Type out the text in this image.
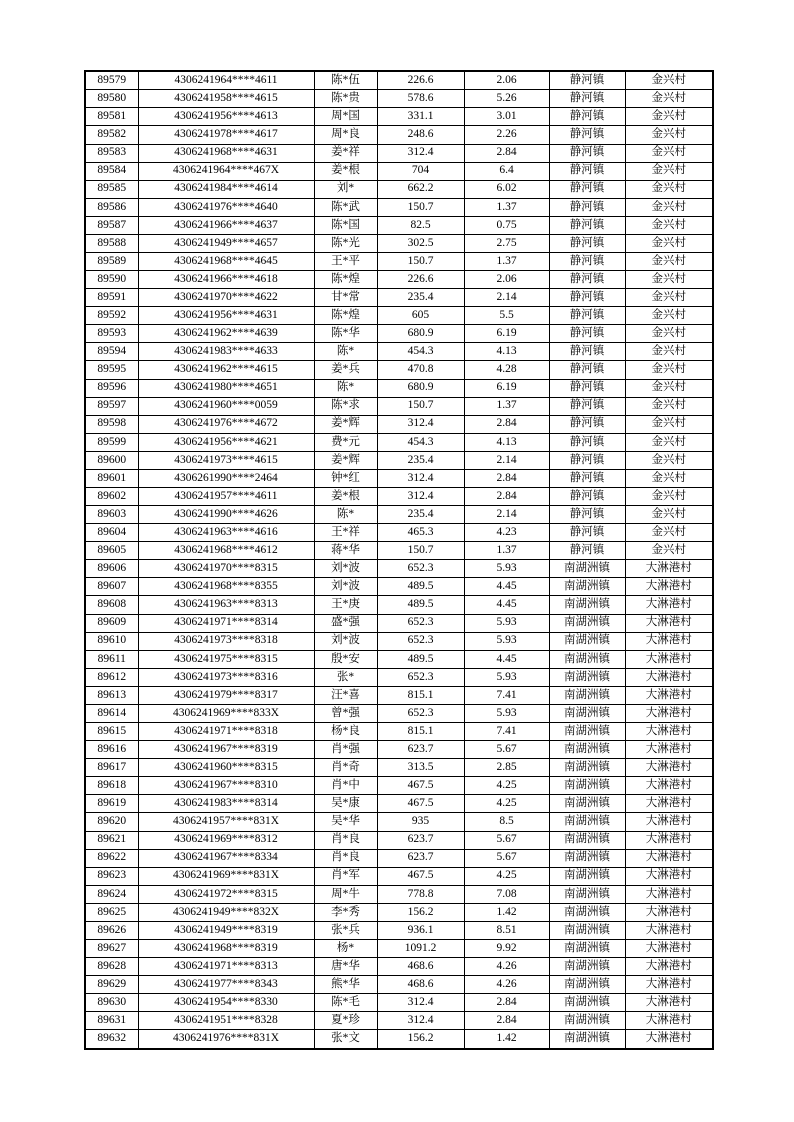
89579	4306241964****4611	陈*伍	226.6	2.06	静河镇	金兴村
89580	4306241958****4615	陈*贵	578.6	5.26	静河镇	金兴村
89581	4306241956****4613	周*国	331.1	3.01	静河镇	金兴村
89582	4306241978****4617	周*良	248.6	2.26	静河镇	金兴村
89583	4306241968****4631	姜*祥	312.4	2.84	静河镇	金兴村
89584	4306241964****467X	姜*根	704	6.4	静河镇	金兴村
89585	4306241984****4614	刘*	662.2	6.02	静河镇	金兴村
89586	4306241976****4640	陈*武	150.7	1.37	静河镇	金兴村
89587	4306241966****4637	陈*国	82.5	0.75	静河镇	金兴村
89588	4306241949****4657	陈*光	302.5	2.75	静河镇	金兴村
89589	4306241968****4645	王*平	150.7	1.37	静河镇	金兴村
89590	4306241966****4618	陈*煌	226.6	2.06	静河镇	金兴村
89591	4306241970****4622	甘*常	235.4	2.14	静河镇	金兴村
89592	4306241956****4631	陈*煌	605	5.5	静河镇	金兴村
89593	4306241962****4639	陈*华	680.9	6.19	静河镇	金兴村
89594	4306241983****4633	陈*	454.3	4.13	静河镇	金兴村
89595	4306241962****4615	姜*兵	470.8	4.28	静河镇	金兴村
89596	4306241980****4651	陈*	680.9	6.19	静河镇	金兴村
89597	4306241960****0059	陈*求	150.7	1.37	静河镇	金兴村
89598	4306241976****4672	姜*辉	312.4	2.84	静河镇	金兴村
89599	4306241956****4621	费*元	454.3	4.13	静河镇	金兴村
89600	4306241973****4615	姜*辉	235.4	2.14	静河镇	金兴村
89601	4306261990****2464	钟*红	312.4	2.84	静河镇	金兴村
89602	4306241957****4611	姜*根	312.4	2.84	静河镇	金兴村
89603	4306241990****4626	陈*	235.4	2.14	静河镇	金兴村
89604	4306241963****4616	王*祥	465.3	4.23	静河镇	金兴村
89605	4306241968****4612	蒋*华	150.7	1.37	静河镇	金兴村
89606	4306241970****8315	刘*波	652.3	5.93	南湖洲镇	大淋港村
89607	4306241968****8355	刘*波	489.5	4.45	南湖洲镇	大淋港村
89608	4306241963****8313	王*庚	489.5	4.45	南湖洲镇	大淋港村
89609	4306241971****8314	盛*强	652.3	5.93	南湖洲镇	大淋港村
89610	4306241973****8318	刘*波	652.3	5.93	南湖洲镇	大淋港村
89611	4306241975****8315	殷*安	489.5	4.45	南湖洲镇	大淋港村
89612	4306241973****8316	张*	652.3	5.93	南湖洲镇	大淋港村
89613	4306241979****8317	汪*喜	815.1	7.41	南湖洲镇	大淋港村
89614	4306241969****833X	曾*强	652.3	5.93	南湖洲镇	大淋港村
89615	4306241971****8318	杨*良	815.1	7.41	南湖洲镇	大淋港村
89616	4306241967****8319	肖*强	623.7	5.67	南湖洲镇	大淋港村
89617	4306241960****8315	肖*奇	313.5	2.85	南湖洲镇	大淋港村
89618	4306241967****8310	肖*中	467.5	4.25	南湖洲镇	大淋港村
89619	4306241983****8314	吴*康	467.5	4.25	南湖洲镇	大淋港村
89620	4306241957****831X	吴*华	935	8.5	南湖洲镇	大淋港村
89621	4306241969****8312	肖*良	623.7	5.67	南湖洲镇	大淋港村
89622	4306241967****8334	肖*良	623.7	5.67	南湖洲镇	大淋港村
89623	4306241969****831X	肖*军	467.5	4.25	南湖洲镇	大淋港村
89624	4306241972****8315	周*牛	778.8	7.08	南湖洲镇	大淋港村
89625	4306241949****832X	李*秀	156.2	1.42	南湖洲镇	大淋港村
89626	4306241949****8319	张*兵	936.1	8.51	南湖洲镇	大淋港村
89627	4306241968****8319	杨*	1091.2	9.92	南湖洲镇	大淋港村
89628	4306241971****8313	唐*华	468.6	4.26	南湖洲镇	大淋港村
89629	4306241977****8343	熊*华	468.6	4.26	南湖洲镇	大淋港村
89630	4306241954****8330	陈*毛	312.4	2.84	南湖洲镇	大淋港村
89631	4306241951****8328	夏*珍	312.4	2.84	南湖洲镇	大淋港村
89632	4306241976****831X	张*文	156.2	1.42	南湖洲镇	大淋港村
